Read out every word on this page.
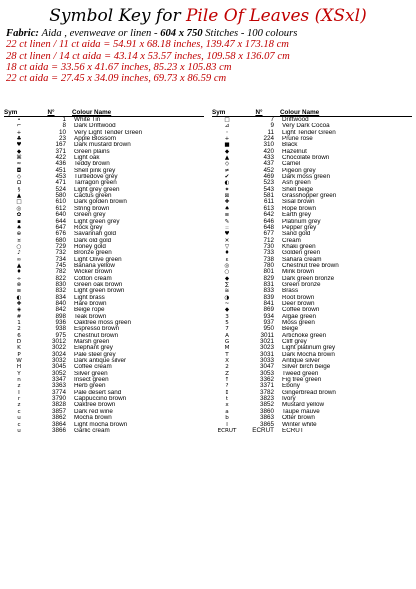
Symbol Key for Pile Of Leaves (XSxl)
Fabric: Aida , evenweave or linen - 604 x 750 Stitches - 100 colours
22 ct linen / 11 ct aida = 54.91 x 68.18 inches, 139.47 x 173.18 cm
28 ct linen / 14 ct aida = 43.14 x 53.57 inches, 109.58 x 136.07 cm
18 ct aida = 33.56 x 41.67 inches, 85.23 x 105.83 cm
22 ct aida = 27.45 x 34.09 inches, 69.73 x 86.59 cm
Sym	N°	Colour Name
•	1	White Tin
⌐	8	Dark Driftwood
+	10	Very Light Tender Green
♣	23	Apple Blossom
♥	167	Dark mustard brown
◆	371	Green plains
⌘	422	Light oak
≈	436	Teddy brown
◘	451	Shell pink grey
◇	453	Turtledove grey
Ω	471	Tarragon green
§	524	Light grey green
▲	580	Cactus green
□	610	Dark golden brown
◎	612	String brown
✿	640	Green grey
▪	644	Light green grey
♠	647	Rock grey
⊕	676	Savannah gold
¤	680	Dark old gold
○	729	Honey gold
♪	732	Bronze green
∞	734	Light Olive green
▲	745	Banana yellow
♦	782	Wicker brown
÷	822	Cotton cream
⊗	830	Green oak brown
≡	832	Light green brown
◐	834	Light brass
✚	840	Hare brown
◈	842	Beige rope
#	898	Teak brown
1	936	Oaktree moss green
2	938	Espresso brown
6	975	Chestnut brown
D	3012	Marsh green
K	3022	Elephant grey
P	3024	Pale steel grey
W	3032	Dark antique silver
H	3045	Coffee cream
Y	3052	Silver green
n	3347	Insect green
z	3363	Herb green
I	3774	Pale desert sand
r	3790	Cappuccino brown
z	3828	Oaktree brown
c	3857	Dark red wine
u	3862	Mocha brown
c	3864	Light mocha brown
u	3866	Garlic cream
Sym	N°	Colour Name
□	7	Driftwood
⊿	9	Very Dark Cocoa
◦	11	Light Tender Green
+	224	Prune rose
■	310	Black
◆	420	Hazelnut
▲	433	Chocolate brown
◇	437	Camel
≠	452	Pigeon grey
✔	469	Dark moss green
◐	523	Ash green
✦	543	Shell beige
⊠	581	Grasshopper green
✚	611	Sisal brown
♠	613	Rope brown
≡	642	Earth grey
✎	646	Platinum grey
::	648	Pepper grey
♥	677	Sand gold
✕	712	Cream
▽	730	Khaki green
♦	733	Golden green
ε	738	Sahara cream
◎	780	Chestnut tree brown
○	801	Mink brown
◆	829	Dark green bronze
∑	831	Green bronze
≅	833	Brass
◑	839	Root brown
~	841	Deer brown
◆	869	Coffee brown
3	934	Algae green
5	937	Moss green
7	950	Beige
A	3011	Artichoke green
G	3021	Cliff grey
M	3023	Light platinum grey
T	3031	Dark Mocha brown
X	3033	Antique silver
2	3047	Silver birch beige
Z	3053	Tweed green
↑	3362	Fig tree green
?	3371	Ebony
↕	3782	Gingerbread brown
t	3823	Ivory
x	3852	Mustard yellow
a	3860	Taupe mauve
b	3863	Otter brown
l	3865	Winter white
ECRUT	ECRUT	ECRUT
